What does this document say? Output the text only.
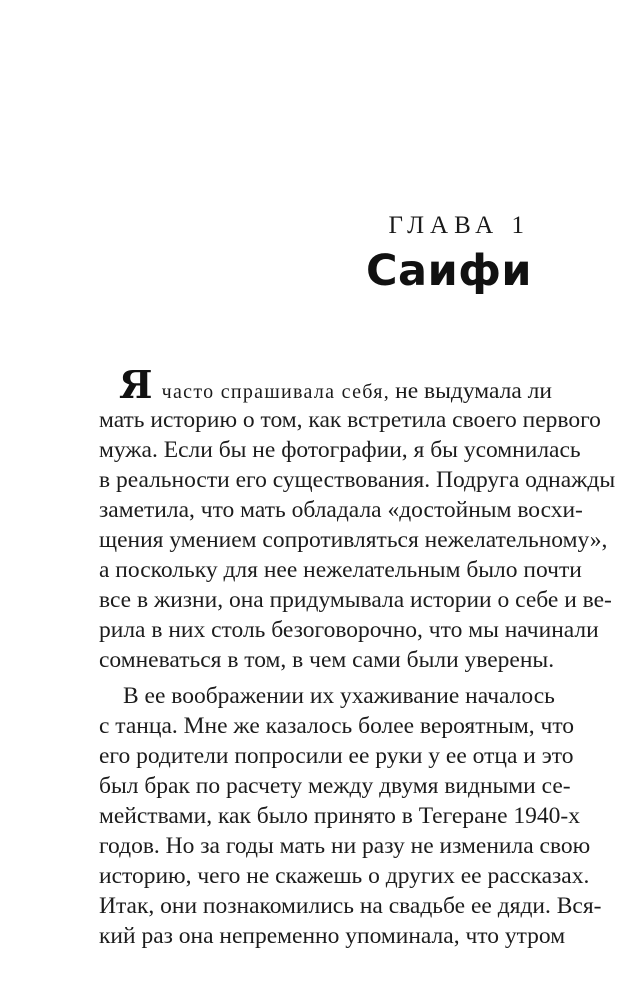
ГЛАВА 1
Саифи
Я часто спрашивала себя, не выдумала ли
мать историю о том, как встретила своего первого
мужа. Если бы не фотографии, я бы усомнилась
в реальности его существования. Подруга однажды
заметила, что мать обладала «достойным восхи-
щения умением сопротивляться нежелательному»,
а поскольку для нее нежелательным было почти
все в жизни, она придумывала истории о себе и ве-
рила в них столь безоговорочно, что мы начинали
сомневаться в том, в чем сами были уверены.
В ее воображении их ухаживание началось
с танца. Мне же казалось более вероятным, что
его родители попросили ее руки у ее отца и это
был брак по расчету между двумя видными се-
мействами, как было принято в Тегеране 1940-х
годов. Но за годы мать ни разу не изменила свою
историю, чего не скажешь о других ее рассказах.
Итак, они познакомились на свадьбе ее дяди. Вся-
кий раз она непременно упоминала, что утром
